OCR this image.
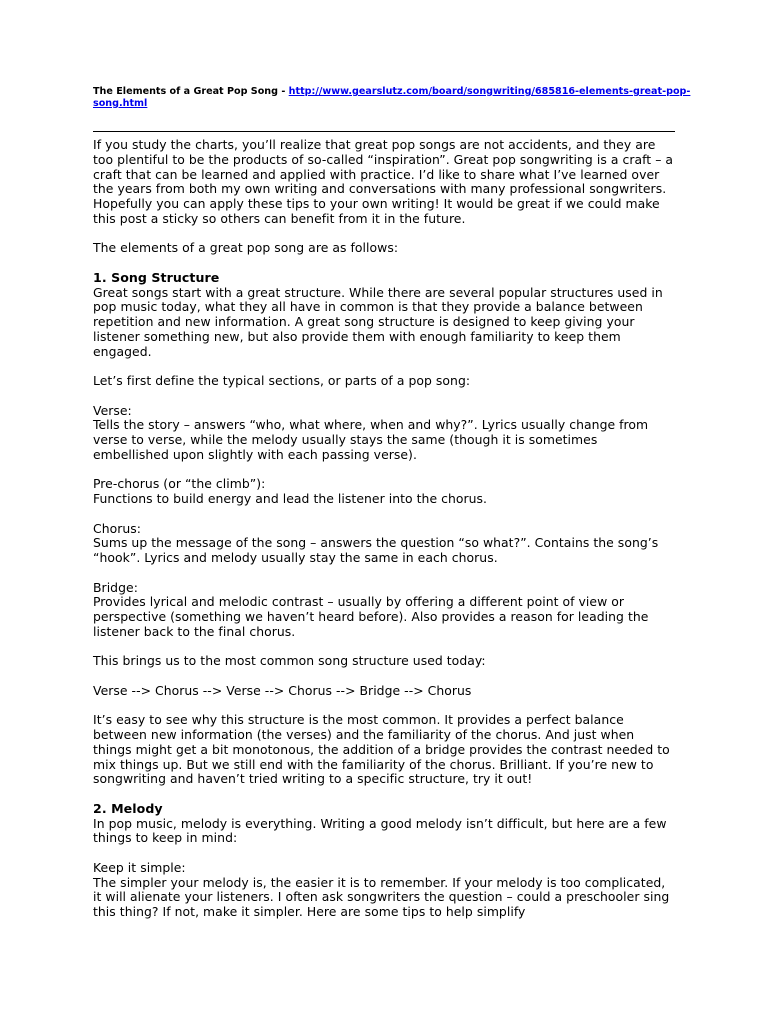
The Elements of a Great Pop Song - http://www.gearslutz.com/board/songwriting/685816-elements-great-pop-song.html

If you study the charts, you’ll realize that great pop songs are not accidents, and they are too plentiful to be the products of so-called “inspiration”. Great pop songwriting is a craft – a craft that can be learned and applied with practice. I’d like to share what I’ve learned over the years from both my own writing and conversations with many professional songwriters. Hopefully you can apply these tips to your own writing! It would be great if we could make this post a sticky so others can benefit from it in the future.

The elements of a great pop song are as follows:

1. Song Structure

Great songs start with a great structure. While there are several popular structures used in pop music today, what they all have in common is that they provide a balance between repetition and new information. A great song structure is designed to keep giving your listener something new, but also provide them with enough familiarity to keep them engaged.

Let’s first define the typical sections, or parts of a pop song:

Verse:

Tells the story – answers “who, what where, when and why?”. Lyrics usually change from verse to verse, while the melody usually stays the same (though it is sometimes embellished upon slightly with each passing verse).

Pre-chorus (or “the climb”):

Functions to build energy and lead the listener into the chorus.

Chorus:

Sums up the message of the song – answers the question “so what?”. Contains the song’s “hook”. Lyrics and melody usually stay the same in each chorus.

Bridge:

Provides lyrical and melodic contrast – usually by offering a different point of view or perspective (something we haven’t heard before). Also provides a reason for leading the listener back to the final chorus.

This brings us to the most common song structure used today:

Verse --> Chorus --> Verse --> Chorus --> Bridge --> Chorus

It’s easy to see why this structure is the most common. It provides a perfect balance between new information (the verses) and the familiarity of the chorus. And just when things might get a bit monotonous, the addition of a bridge provides the contrast needed to mix things up. But we still end with the familiarity of the chorus. Brilliant. If you’re new to songwriting and haven’t tried writing to a specific structure, try it out!

2. Melody

In pop music, melody is everything. Writing a good melody isn’t difficult, but here are a few things to keep in mind:

Keep it simple:

The simpler your melody is, the easier it is to remember. If your melody is too complicated, it will alienate your listeners. I often ask songwriters the question – could a preschooler sing this thing? If not, make it simpler. Here are some tips to help simplify
